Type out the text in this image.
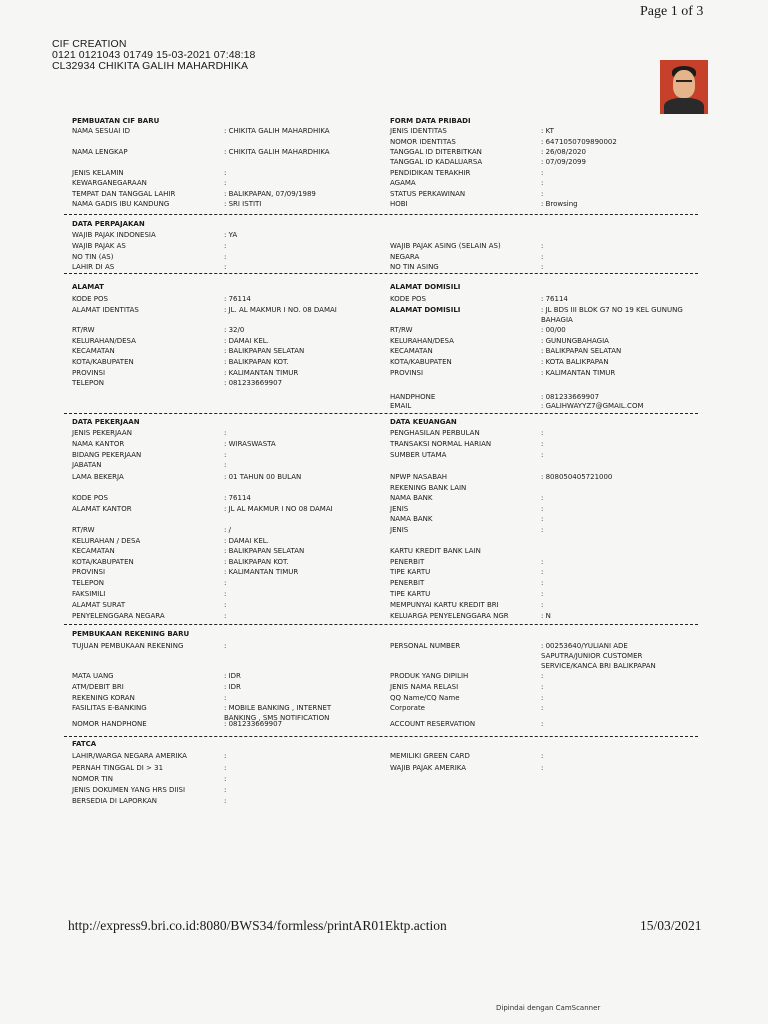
Page 1 of 3
CIF CREATION
0121 0121043 01749 15-03-2021 07:48:18
CL32934 CHIKITA GALIH MAHARDHIKA
PEMBUATAN CIF BARU	FORM DATA PRIBADI
NAMA SESUAI ID	: CHIKITA GALIH MAHARDHIKA	JENIS IDENTITAS	: KT
NOMOR IDENTITAS	: 6471050709890002
NAMA LENGKAP	: CHIKITA GALIH MAHARDHIKA	TANGGAL ID DITERBITKAN	: 26/08/2020
TANGGAL ID KADALUARSA	: 07/09/2099
JENIS KELAMIN	:	PENDIDIKAN TERAKHIR	:
KEWARGANEGARAAN	:	AGAMA	:
TEMPAT DAN TANGGAL LAHIR	: BALIKPAPAN, 07/09/1989	STATUS PERKAWINAN	:
NAMA GADIS IBU KANDUNG	: SRI ISTITI	HOBI	: Browsing
DATA PERPAJAKAN
WAJIB PAJAK INDONESIA	: YA
WAJIB PAJAK AS	:	WAJIB PAJAK ASING (SELAIN AS)	:
NO TIN (AS)	:	NEGARA	:
LAHIR DI AS	:	NO TIN ASING	:
ALAMAT	ALAMAT DOMISILI
KODE POS	: 76114	KODE POS	: 76114
ALAMAT IDENTITAS	: JL. AL MAKMUR I NO. 08 DAMAI	ALAMAT DOMISILI	: JL BDS III BLOK G7 NO 19 KEL GUNUNG
BAHAGIA
RT/RW	: 32/0	RT/RW	: 00/00
KELURAHAN/DESA	: DAMAI KEL.	KELURAHAN/DESA	: GUNUNGBAHAGIA
KECAMATAN	: BALIKPAPAN SELATAN	KECAMATAN	: BALIKPAPAN SELATAN
KOTA/KABUPATEN	: BALIKPAPAN KOT.	KOTA/KABUPATEN	: KOTA BALIKPAPAN
PROVINSI	: KALIMANTAN TIMUR	PROVINSI	: KALIMANTAN TIMUR
TELEPON	: 081233669907
HANDPHONE	: 081233669907
EMAIL	: GALIHWAYYZ7@GMAIL.COM
DATA PEKERJAAN	DATA KEUANGAN
JENIS PEKERJAAN	:	PENGHASILAN PERBULAN	:
NAMA KANTOR	: WIRASWASTA	TRANSAKSI NORMAL HARIAN	:
BIDANG PEKERJAAN	:	SUMBER UTAMA	:
JABATAN	:
LAMA BEKERJA	: 01 TAHUN 00 BULAN	NPWP NASABAH	: 808050405721000
REKENING BANK LAIN
KODE POS	: 76114	NAMA BANK	:
ALAMAT KANTOR	: JL AL MAKMUR I NO 08 DAMAI	JENIS	:
NAMA BANK	:
RT/RW	: /	JENIS	:
KELURAHAN / DESA	: DAMAI KEL.
KECAMATAN	: BALIKPAPAN SELATAN	KARTU KREDIT BANK LAIN
KOTA/KABUPATEN	: BALIKPAPAN KOT.	PENERBIT	:
PROVINSI	: KALIMANTAN TIMUR	TIPE KARTU	:
TELEPON	:	PENERBIT	:
FAKSIMILI	:	TIPE KARTU	:
ALAMAT SURAT	:	MEMPUNYAI KARTU KREDIT BRI	:
PENYELENGGARA NEGARA	:	KELUARGA PENYELENGGARA NGR	: N
PEMBUKAAN REKENING BARU
TUJUAN PEMBUKAAN REKENING	:	PERSONAL NUMBER	: 00253640/YULIANI ADE
SAPUTRA/JUNIOR CUSTOMER
SERVICE/KANCA BRI BALIKPAPAN
MATA UANG	: IDR	PRODUK YANG DIPILIH	:
ATM/DEBIT BRI	: IDR	JENIS NAMA RELASI	:
REKENING KORAN	:	QQ Name/CQ Name	:
FASILITAS E-BANKING	: MOBILE BANKING , INTERNET	Corporate	:
BANKING , SMS NOTIFICATION
NOMOR HANDPHONE	: 081233669907	ACCOUNT RESERVATION	:
FATCA
LAHIR/WARGA NEGARA AMERIKA	:	MEMILIKI GREEN CARD	:
PERNAH TINGGAL DI > 31	:	WAJIB PAJAK AMERIKA	:
NOMOR TIN	:
JENIS DOKUMEN YANG HRS DIISI	:
BERSEDIA DI LAPORKAN	:
http://express9.bri.co.id:8080/BWS34/formless/printAR01Ektp.action	15/03/2021
Dipindai dengan CamScanner
